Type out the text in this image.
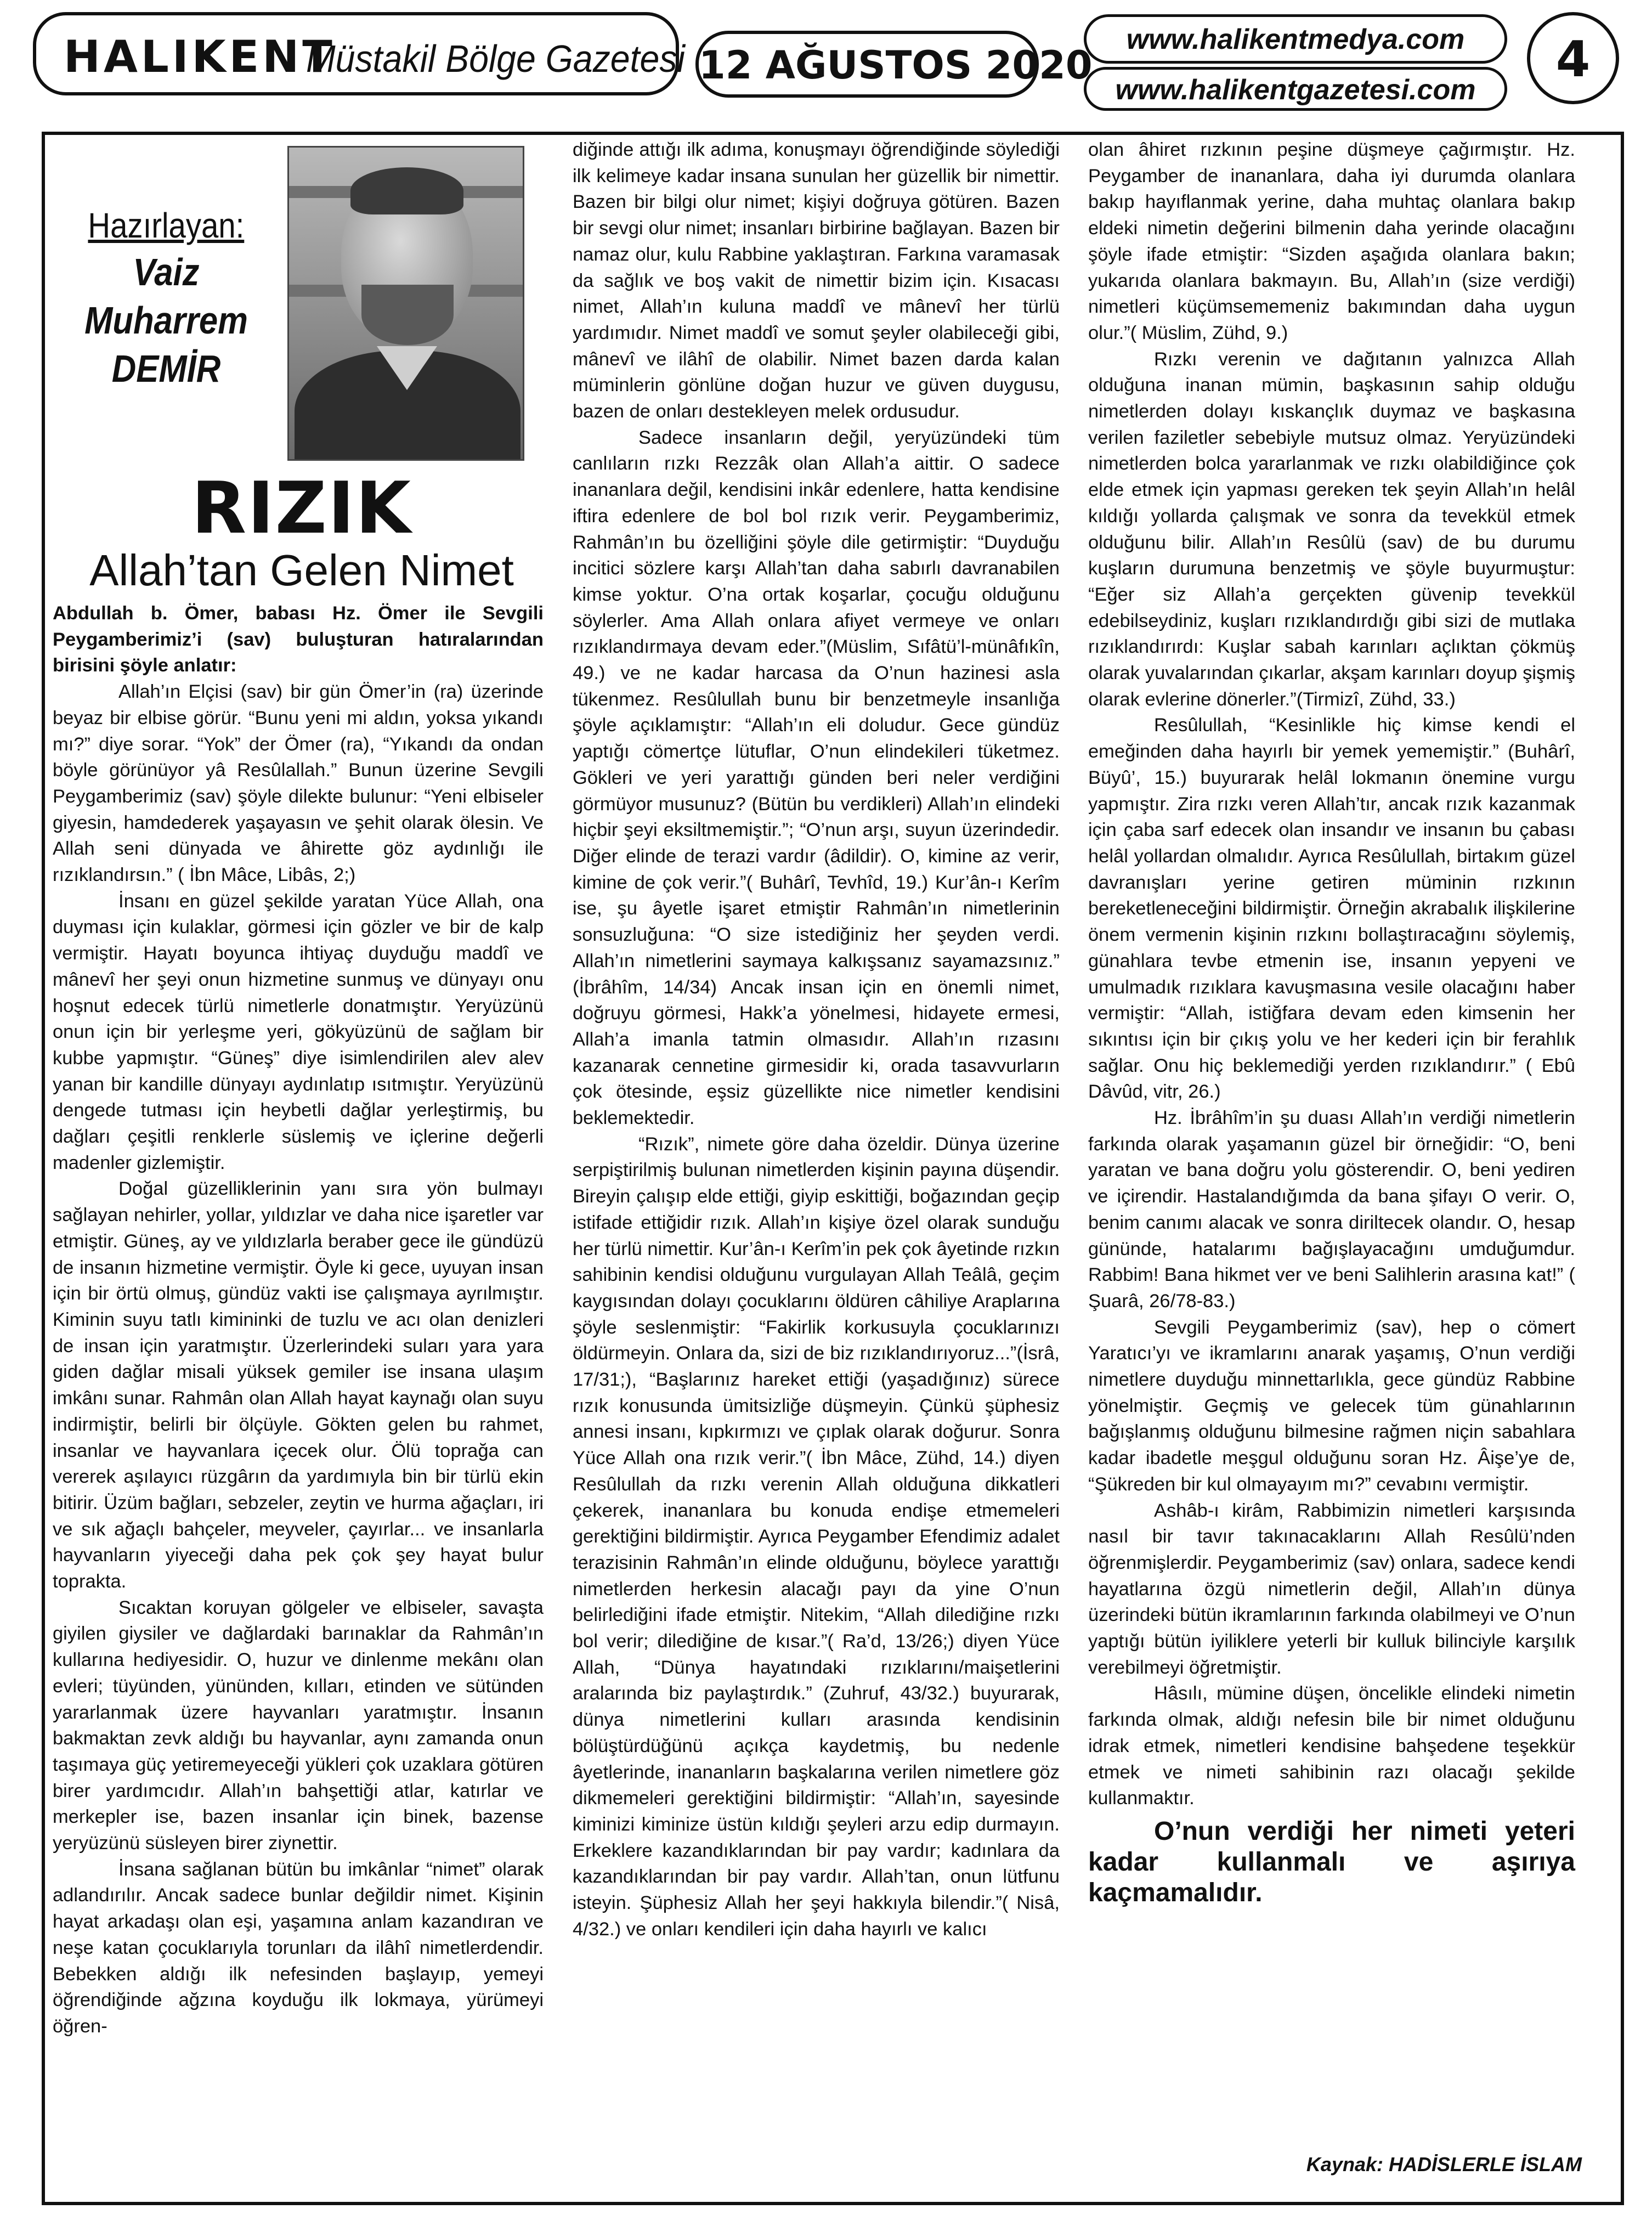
HALIKENT
Müstakil Bölge Gazetesi 12 AĞUSTOS 2020
www.halikentmedya.com
www.halikentgazetesi.com
4
Hazırlayan:
Vaiz
Muharrem
DEMİR
RIZIK
Allah’tan Gelen Nimet

Abdullah b. Ömer, babası Hz. Ömer ile Sevgili Peygamberimiz’i (sav) buluşturan hatıralarından birisini şöyle anlatır:

Allah’ın Elçisi (sav) bir gün Ömer’in (ra) üzerinde beyaz bir elbise görür. “Bunu yeni mi aldın, yoksa yıkandı mı?” diye sorar. “Yok” der Ömer (ra), “Yıkandı da ondan böyle görünüyor yâ Resûlallah.” Bunun üzerine Sevgili Peygamberimiz (sav) şöyle dilekte bulunur: “Yeni elbiseler giyesin, hamdederek yaşayasın ve şehit olarak ölesin. Ve Allah seni dünyada ve âhirette göz aydınlığı ile rızıklandırsın.” ( İbn Mâce, Libâs, 2;)

İnsanı en güzel şekilde yaratan Yüce Allah, ona duyması için kulaklar, görmesi için gözler ve bir de kalp vermiştir. Hayatı boyunca ihtiyaç duyduğu maddî ve mânevî her şeyi onun hizmetine sunmuş ve dünyayı onu hoşnut edecek türlü nimetlerle donatmıştır. Yeryüzünü onun için bir yerleşme yeri, gökyüzünü de sağlam bir kubbe yapmıştır. “Güneş” diye isimlendirilen alev alev yanan bir kandille dünyayı aydınlatıp ısıtmıştır. Yeryüzünü dengede tutması için heybetli dağlar yerleştirmiş, bu dağları çeşitli renklerle süslemiş ve içlerine değerli madenler gizlemiştir.

Doğal güzelliklerinin yanı sıra yön bulmayı sağlayan nehirler, yollar, yıldızlar ve daha nice işaretler var etmiştir. Güneş, ay ve yıldızlarla beraber gece ile gündüzü de insanın hizmetine vermiştir. Öyle ki gece, uyuyan insan için bir örtü olmuş, gündüz vakti ise çalışmaya ayrılmıştır. Kiminin suyu tatlı kimininki de tuzlu ve acı olan denizleri de insan için yaratmıştır. Üzerlerindeki suları yara yara giden dağlar misali yüksek gemiler ise insana ulaşım imkânı sunar. Rahmân olan Allah hayat kaynağı olan suyu indirmiştir, belirli bir ölçüyle. Gökten gelen bu rahmet, insanlar ve hayvanlara içecek olur. Ölü toprağa can vererek aşılayıcı rüzgârın da yardımıyla bin bir türlü ekin bitirir. Üzüm bağları, sebzeler, zeytin ve hurma ağaçları, iri ve sık ağaçlı bahçeler, meyveler, çayırlar... ve insanlarla hayvanların yiyeceği daha pek çok şey hayat bulur toprakta.

Sıcaktan koruyan gölgeler ve elbiseler, savaşta giyilen giysiler ve dağlardaki barınaklar da Rahmân’ın kullarına hediyesidir. O, huzur ve dinlenme mekânı olan evleri; tüyünden, yününden, kılları, etinden ve sütünden yararlanmak üzere hayvanları yaratmıştır. İnsanın bakmaktan zevk aldığı bu hayvanlar, aynı zamanda onun taşımaya güç yetiremeyeceği yükleri çok uzaklara götüren birer yardımcıdır. Allah’ın bahşettiği atlar, katırlar ve merkepler ise, bazen insanlar için binek, bazense yeryüzünü süsleyen birer ziynettir.

İnsana sağlanan bütün bu imkânlar “nimet” olarak adlandırılır. Ancak sadece bunlar değildir nimet. Kişinin hayat arkadaşı olan eşi, yaşamına anlam kazandıran ve neşe katan çocuklarıyla torunları da ilâhî nimetlerdendir. Bebekken aldığı ilk nefesinden başlayıp, yemeyi öğrendiğinde ağzına koyduğu ilk lokmaya, yürümeyi öğren-

diğinde attığı ilk adıma, konuşmayı öğrendiğinde söylediği ilk kelimeye kadar insana sunulan her güzellik bir nimettir. Bazen bir bilgi olur nimet; kişiyi doğruya götüren. Bazen bir sevgi olur nimet; insanları birbirine bağlayan. Bazen bir namaz olur, kulu Rabbine yaklaştıran. Farkına varamasak da sağlık ve boş vakit de nimettir bizim için. Kısacası nimet, Allah’ın kuluna maddî ve mânevî her türlü yardımıdır. Nimet maddî ve somut şeyler olabileceği gibi, mânevî ve ilâhî de olabilir. Nimet bazen darda kalan müminlerin gönlüne doğan huzur ve güven duygusu, bazen de onları destekleyen melek ordusudur.

Sadece insanların değil, yeryüzündeki tüm canlıların rızkı Rezzâk olan Allah’a aittir. O sadece inananlara değil, kendisini inkâr edenlere, hatta kendisine iftira edenlere de bol bol rızık verir. Peygamberimiz, Rahmân’ın bu özelliğini şöyle dile getirmiştir: “Duyduğu incitici sözlere karşı Allah’tan daha sabırlı davranabilen kimse yoktur. O’na ortak koşarlar, çocuğu olduğunu söylerler. Ama Allah onlara afiyet vermeye ve onları rızıklandırmaya devam eder.”(Müslim, Sıfâtü’l-münâfıkîn, 49.) ve ne kadar harcasa da O’nun hazinesi asla tükenmez. Resûlullah bunu bir benzetmeyle insanlığa şöyle açıklamıştır: “Allah’ın eli doludur. Gece gündüz yaptığı cömertçe lütuflar, O’nun elindekileri tüketmez. Gökleri ve yeri yarattığı günden beri neler verdiğini görmüyor musunuz? (Bütün bu verdikleri) Allah’ın elindeki hiçbir şeyi eksiltmemiştir.”; “O’nun arşı, suyun üzerindedir. Diğer elinde de terazi vardır (âdildir). O, kimine az verir, kimine de çok verir.”( Buhârî, Tevhîd, 19.) Kur’ân-ı Kerîm ise, şu âyetle işaret etmiştir Rahmân’ın nimetlerinin sonsuzluğuna: “O size istediğiniz her şeyden verdi. Allah’ın nimetlerini saymaya kalkışsanız sayamazsınız.” (İbrâhîm, 14/34) Ancak insan için en önemli nimet, doğruyu görmesi, Hakk’a yönelmesi, hidayete ermesi, Allah’a imanla tatmin olmasıdır. Allah’ın rızasını kazanarak cennetine girmesidir ki, orada tasavvurların çok ötesinde, eşsiz güzellikte nice nimetler kendisini beklemektedir.

“Rızık”, nimete göre daha özeldir. Dünya üzerine serpiştirilmiş bulunan nimetlerden kişinin payına düşendir. Bireyin çalışıp elde ettiği, giyip eskittiği, boğazından geçip istifade ettiğidir rızık. Allah’ın kişiye özel olarak sunduğu her türlü nimettir. Kur’ân-ı Kerîm’in pek çok âyetinde rızkın sahibinin kendisi olduğunu vurgulayan Allah Teâlâ, geçim kaygısından dolayı çocuklarını öldüren câhiliye Araplarına şöyle seslenmiştir: “Fakirlik korkusuyla çocuklarınızı öldürmeyin. Onlara da, sizi de biz rızıklandırıyoruz...”(İsrâ, 17/31;), “Başlarınız hareket ettiği (yaşadığınız) sürece rızık konusunda ümitsizliğe düşmeyin. Çünkü şüphesiz annesi insanı, kıpkırmızı ve çıplak olarak doğurur. Sonra Yüce Allah ona rızık verir.”( İbn Mâce, Zühd, 14.) diyen Resûlullah da rızkı verenin Allah olduğuna dikkatleri çekerek, inananlara bu konuda endişe etmemeleri gerektiğini bildirmiştir. Ayrıca Peygamber Efendimiz adalet terazisinin Rahmân’ın elinde olduğunu, böylece yarattığı nimetlerden herkesin alacağı payı da yine O’nun belirlediğini ifade etmiştir. Nitekim, “Allah dilediğine rızkı bol verir; dilediğine de kısar.”( Ra’d, 13/26;) diyen Yüce Allah, “Dünya hayatındaki rızıklarını/maişetlerini aralarında biz paylaştırdık.” (Zuhruf, 43/32.) buyurarak, dünya nimetlerini kulları arasında kendisinin bölüştürdüğünü açıkça kaydetmiş, bu nedenle âyetlerinde, inananların başkalarına verilen nimetlere göz dikmemeleri gerektiğini bildirmiştir: “Allah’ın, sayesinde kiminizi kiminize üstün kıldığı şeyleri arzu edip durmayın. Erkeklere kazandıklarından bir pay vardır; kadınlara da kazandıklarından bir pay vardır. Allah’tan, onun lütfunu isteyin. Şüphesiz Allah her şeyi hakkıyla bilendir.”( Nisâ, 4/32.) ve onları kendileri için daha hayırlı ve kalıcı

olan âhiret rızkının peşine düşmeye çağırmıştır. Hz. Peygamber de inananlara, daha iyi durumda olanlara bakıp hayıflanmak yerine, daha muhtaç olanlara bakıp eldeki nimetin değerini bilmenin daha yerinde olacağını şöyle ifade etmiştir: “Sizden aşağıda olanlara bakın; yukarıda olanlara bakmayın. Bu, Allah’ın (size verdiği) nimetleri küçümsememeniz bakımından daha uygun olur.”( Müslim, Zühd, 9.)

Rızkı verenin ve dağıtanın yalnızca Allah olduğuna inanan mümin, başkasının sahip olduğu nimetlerden dolayı kıskançlık duymaz ve başkasına verilen faziletler sebebiyle mutsuz olmaz. Yeryüzündeki nimetlerden bolca yararlanmak ve rızkı olabildiğince çok elde etmek için yapması gereken tek şeyin Allah’ın helâl kıldığı yollarda çalışmak ve sonra da tevekkül etmek olduğunu bilir. Allah’ın Resûlü (sav) de bu durumu kuşların durumuna benzetmiş ve şöyle buyurmuştur: “Eğer siz Allah’a gerçekten güvenip tevekkül edebilseydiniz, kuşları rızıklandırdığı gibi sizi de mutlaka rızıklandırırdı: Kuşlar sabah karınları açlıktan çökmüş olarak yuvalarından çıkarlar, akşam karınları doyup şişmiş olarak evlerine dönerler.”(Tirmizî, Zühd, 33.)

Resûlullah, “Kesinlikle hiç kimse kendi el emeğinden daha hayırlı bir yemek yememiştir.” (Buhârî, Büyû’, 15.) buyurarak helâl lokmanın önemine vurgu yapmıştır. Zira rızkı veren Allah’tır, ancak rızık kazanmak için çaba sarf edecek olan insandır ve insanın bu çabası helâl yollardan olmalıdır. Ayrıca Resûlullah, birtakım güzel davranışları yerine getiren müminin rızkının bereketleneceğini bildirmiştir. Örneğin akrabalık ilişkilerine önem vermenin kişinin rızkını bollaştıracağını söylemiş, günahlara tevbe etmenin ise, insanın yepyeni ve umulmadık rızıklara kavuşmasına vesile olacağını haber vermiştir: “Allah, istiğfara devam eden kimsenin her sıkıntısı için bir çıkış yolu ve her kederi için bir ferahlık sağlar. Onu hiç beklemediği yerden rızıklandırır.” ( Ebû Dâvûd, vitr, 26.)

Hz. İbrâhîm’in şu duası Allah’ın verdiği nimetlerin farkında olarak yaşamanın güzel bir örneğidir: “O, beni yaratan ve bana doğru yolu gösterendir. O, beni yediren ve içirendir. Hastalandığımda da bana şifayı O verir. O, benim canımı alacak ve sonra diriltecek olandır. O, hesap gününde, hatalarımı bağışlayacağını umduğumdur. Rabbim! Bana hikmet ver ve beni Salihlerin arasına kat!” ( Şuarâ, 26/78-83.)

Sevgili Peygamberimiz (sav), hep o cömert Yaratıcı’yı ve ikramlarını anarak yaşamış, O’nun verdiği nimetlere duyduğu minnettarlıkla, gece gündüz Rabbine yönelmiştir. Geçmiş ve gelecek tüm günahlarının bağışlanmış olduğunu bilmesine rağmen niçin sabahlara kadar ibadetle meşgul olduğunu soran Hz. Âişe’ye de, “Şükreden bir kul olmayayım mı?” cevabını vermiştir.

Ashâb-ı kirâm, Rabbimizin nimetleri karşısında nasıl bir tavır takınacaklarını Allah Resûlü’nden öğrenmişlerdir. Peygamberimiz (sav) onlara, sadece kendi hayatlarına özgü nimetlerin değil, Allah’ın dünya üzerindeki bütün ikramlarının farkında olabilmeyi ve O’nun yaptığı bütün iyiliklere yeterli bir kulluk bilinciyle karşılık verebilmeyi öğretmiştir.

Hâsılı, mümine düşen, öncelikle elindeki nimetin farkında olmak, aldığı nefesin bile bir nimet olduğunu idrak etmek, nimetleri kendisine bahşedene teşekkür etmek ve nimeti sahibinin razı olacağı şekilde kullanmaktır.

O’nun verdiği her nimeti yeteri kadar kullanmalı ve aşırıya kaçmamalıdır.

Kaynak: HADİSLERLE İSLAM
